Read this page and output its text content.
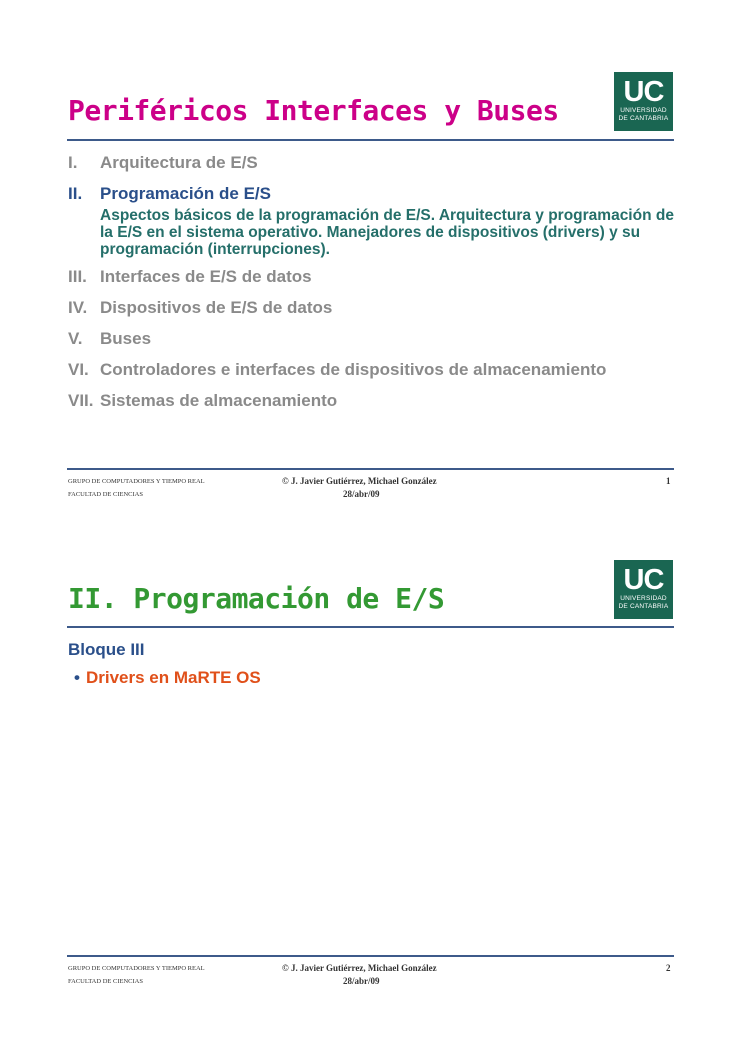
Periféricos Interfaces y Buses
UC
UNIVERSIDAD
DE CANTABRIA
I. Arquitectura de E/S
II. Programación de E/S

Aspectos básicos de la programación de E/S. Arquitectura y programación de la E/S en el sistema operativo. Manejadores de dispositivos (drivers) y su programación (interrupciones).

III. Interfaces de E/S de datos
IV. Dispositivos de E/S de datos
V. Buses
VI. Controladores e interfaces de dispositivos de almacenamiento
VII. Sistemas de almacenamiento
GRUPO DE COMPUTADORES Y TIEMPO REAL
FACULTAD DE CIENCIAS
© J. Javier Gutiérrez, Michael González
28/abr/09
1
II. Programación de E/S
UC
UNIVERSIDAD
DE CANTABRIA
Bloque III
• Drivers en MaRTE OS
GRUPO DE COMPUTADORES Y TIEMPO REAL
FACULTAD DE CIENCIAS
© J. Javier Gutiérrez, Michael González
28/abr/09
2
